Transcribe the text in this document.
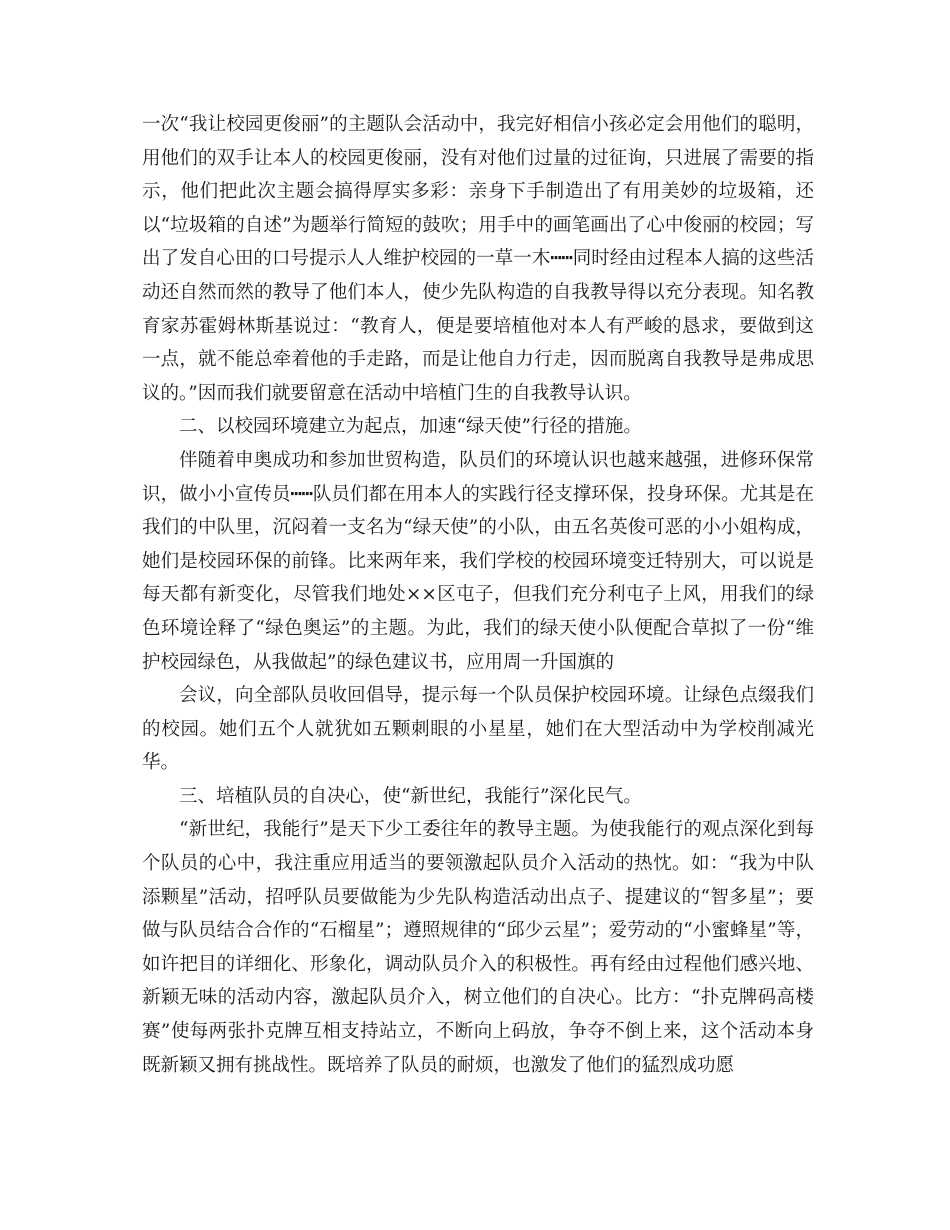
一次“我让校园更俊丽”的主题队会活动中，我完好相信小孩必定会用他们的聪明，用他们的双手让本人的校园更俊丽，没有对他们过量的过征询，只进展了需要的指示，他们把此次主题会搞得厚实多彩：亲身下手制造出了有用美妙的垃圾箱，还以“垃圾箱的自述”为题举行简短的鼓吹；用手中的画笔画出了心中俊丽的校园；写出了发自心田的口号提示人人维护校园的一草一木┅┅同时经由过程本人搞的这些活动还自然而然的教导了他们本人，使少先队构造的自我教导得以充分表现。知名教育家苏霍姆林斯基说过：“教育人，便是要培植他对本人有严峻的恳求，要做到这一点，就不能总牵着他的手走路，而是让他自力行走，因而脱离自我教导是弗成思议的。”因而我们就要留意在活动中培植门生的自我教导认识。

二、以校园环境建立为起点，加速“绿天使”行径的措施。

伴随着申奥成功和参加世贸构造，队员们的环境认识也越来越强，进修环保常识，做小小宣传员┅┅队员们都在用本人的实践行径支撑环保，投身环保。尤其是在我们的中队里，沉闷着一支名为“绿天使”的小队，由五名英俊可恶的小小姐构成，她们是校园环保的前锋。比来两年来，我们学校的校园环境变迁特别大，可以说是每天都有新变化，尽管我们地处××区屯子，但我们充分利屯子上风，用我们的绿色环境诠释了“绿色奥运”的主题。为此，我们的绿天使小队便配合草拟了一份“维护校园绿色，从我做起”的绿色建议书，应用周一升国旗的

会议，向全部队员收回倡导，提示每一个队员保护校园环境。让绿色点缀我们的校园。她们五个人就犹如五颗刺眼的小星星，她们在大型活动中为学校削减光华。

三、培植队员的自决心，使“新世纪，我能行”深化民气。

“新世纪，我能行”是天下少工委往年的教导主题。为使我能行的观点深化到每个队员的心中，我注重应用适当的要领激起队员介入活动的热忱。如：“我为中队添颗星”活动，招呼队员要做能为少先队构造活动出点子、提建议的“智多星”；要做与队员结合合作的“石榴星”；遵照规律的“邱少云星”；爱劳动的“小蜜蜂星”等，如许把目的详细化、形象化，调动队员介入的积极性。再有经由过程他们感兴地、新颖无味的活动内容，激起队员介入，树立他们的自决心。比方：“扑克牌码高楼赛”使每两张扑克牌互相支持站立，不断向上码放，争夺不倒上来，这个活动本身既新颖又拥有挑战性。既培养了队员的耐烦，也激发了他们的猛烈成功愿
